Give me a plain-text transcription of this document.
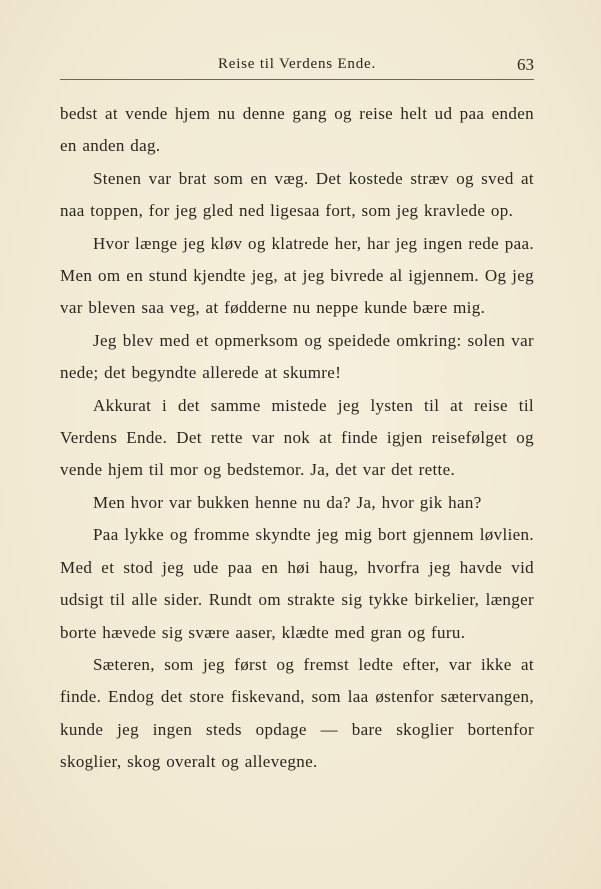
Reise til Verdens Ende.	63

bedst at vende hjem nu denne gang og reise helt ud paa enden en anden dag.

Stenen var brat som en væg. Det kostede stræv og sved at naa toppen, for jeg gled ned ligesaa fort, som jeg kravlede op.

Hvor længe jeg kløv og klatrede her, har jeg ingen rede paa. Men om en stund kjendte jeg, at jeg bivrede al igjennem. Og jeg var bleven saa veg, at fødderne nu neppe kunde bære mig.

Jeg blev med et opmerksom og speidede omkring: solen var nede; det begyndte allerede at skumre!

Akkurat i det samme mistede jeg lysten til at reise til Verdens Ende. Det rette var nok at finde igjen reisefølget og vende hjem til mor og bedstemor. Ja, det var det rette.

Men hvor var bukken henne nu da? Ja, hvor gik han?

Paa lykke og fromme skyndte jeg mig bort gjennem løvlien. Med et stod jeg ude paa en høi haug, hvorfra jeg havde vid udsigt til alle sider. Rundt om strakte sig tykke birkelier, længer borte hævede sig svære aaser, klædte med gran og furu.

Sæteren, som jeg først og fremst ledte efter, var ikke at finde. Endog det store fiskevand, som laa østenfor sætervangen, kunde jeg ingen steds opdage — bare skoglier bortenfor skoglier, skog overalt og allevegne.
